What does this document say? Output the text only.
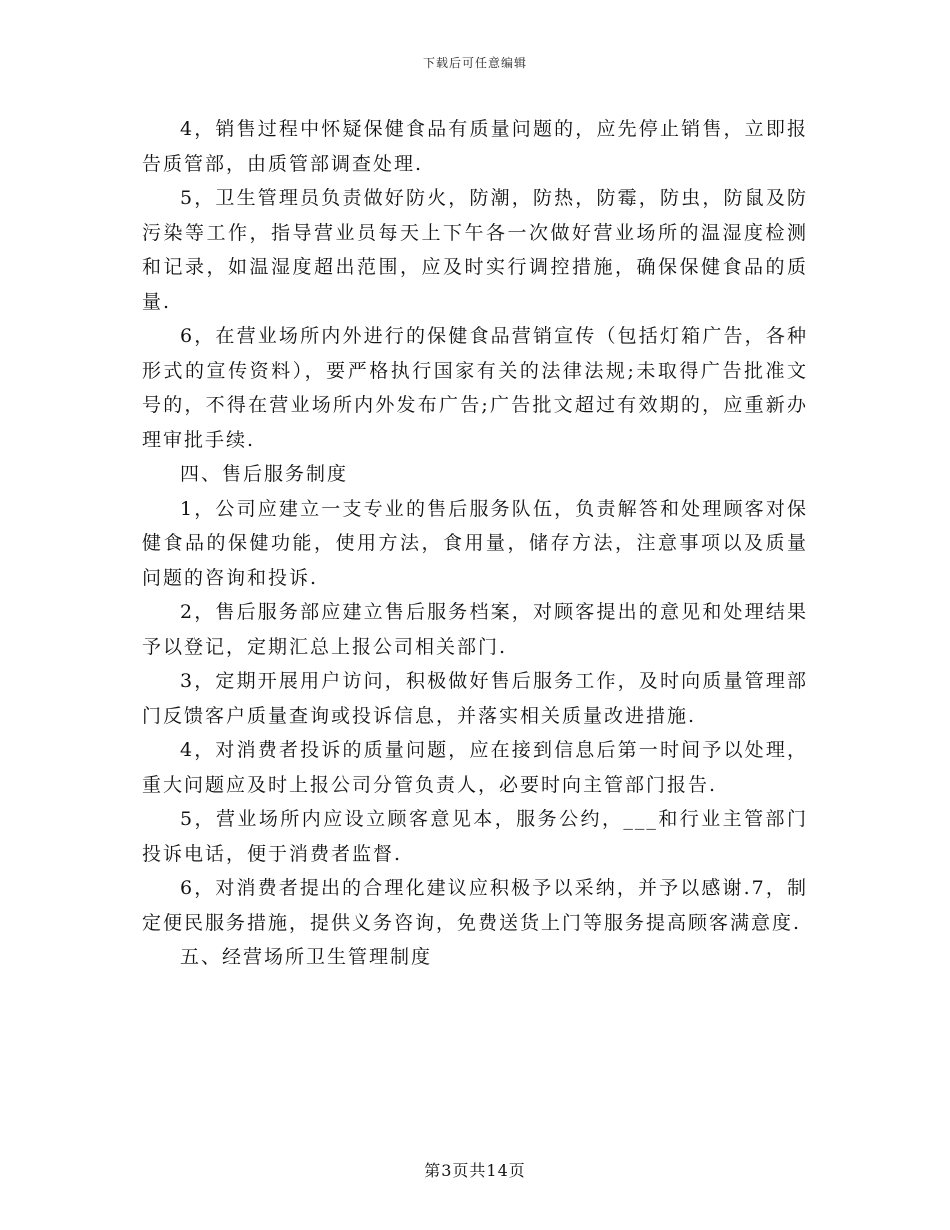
下载后可任意编辑

4，销售过程中怀疑保健食品有质量问题的，应先停止销售，立即报告质管部，由质管部调查处理.

5，卫生管理员负责做好防火，防潮，防热，防霉，防虫，防鼠及防污染等工作，指导营业员每天上下午各一次做好营业场所的温湿度检测和记录，如温湿度超出范围，应及时实行调控措施，确保保健食品的质量.

6，在营业场所内外进行的保健食品营销宣传（包括灯箱广告，各种形式的宣传资料），要严格执行国家有关的法律法规;未取得广告批准文号的，不得在营业场所内外发布广告;广告批文超过有效期的，应重新办理审批手续.

四、售后服务制度

1，公司应建立一支专业的售后服务队伍，负责解答和处理顾客对保健食品的保健功能，使用方法，食用量，储存方法，注意事项以及质量问题的咨询和投诉.

2，售后服务部应建立售后服务档案，对顾客提出的意见和处理结果予以登记，定期汇总上报公司相关部门.

3，定期开展用户访问，积极做好售后服务工作，及时向质量管理部门反馈客户质量查询或投诉信息，并落实相关质量改进措施.

4，对消费者投诉的质量问题，应在接到信息后第一时间予以处理，重大问题应及时上报公司分管负责人，必要时向主管部门报告.

5，营业场所内应设立顾客意见本，服务公约，___和行业主管部门投诉电话，便于消费者监督.

6，对消费者提出的合理化建议应积极予以采纳，并予以感谢.7，制定便民服务措施，提供义务咨询，免费送货上门等服务提高顾客满意度.

五、经营场所卫生管理制度

第3页共14页
